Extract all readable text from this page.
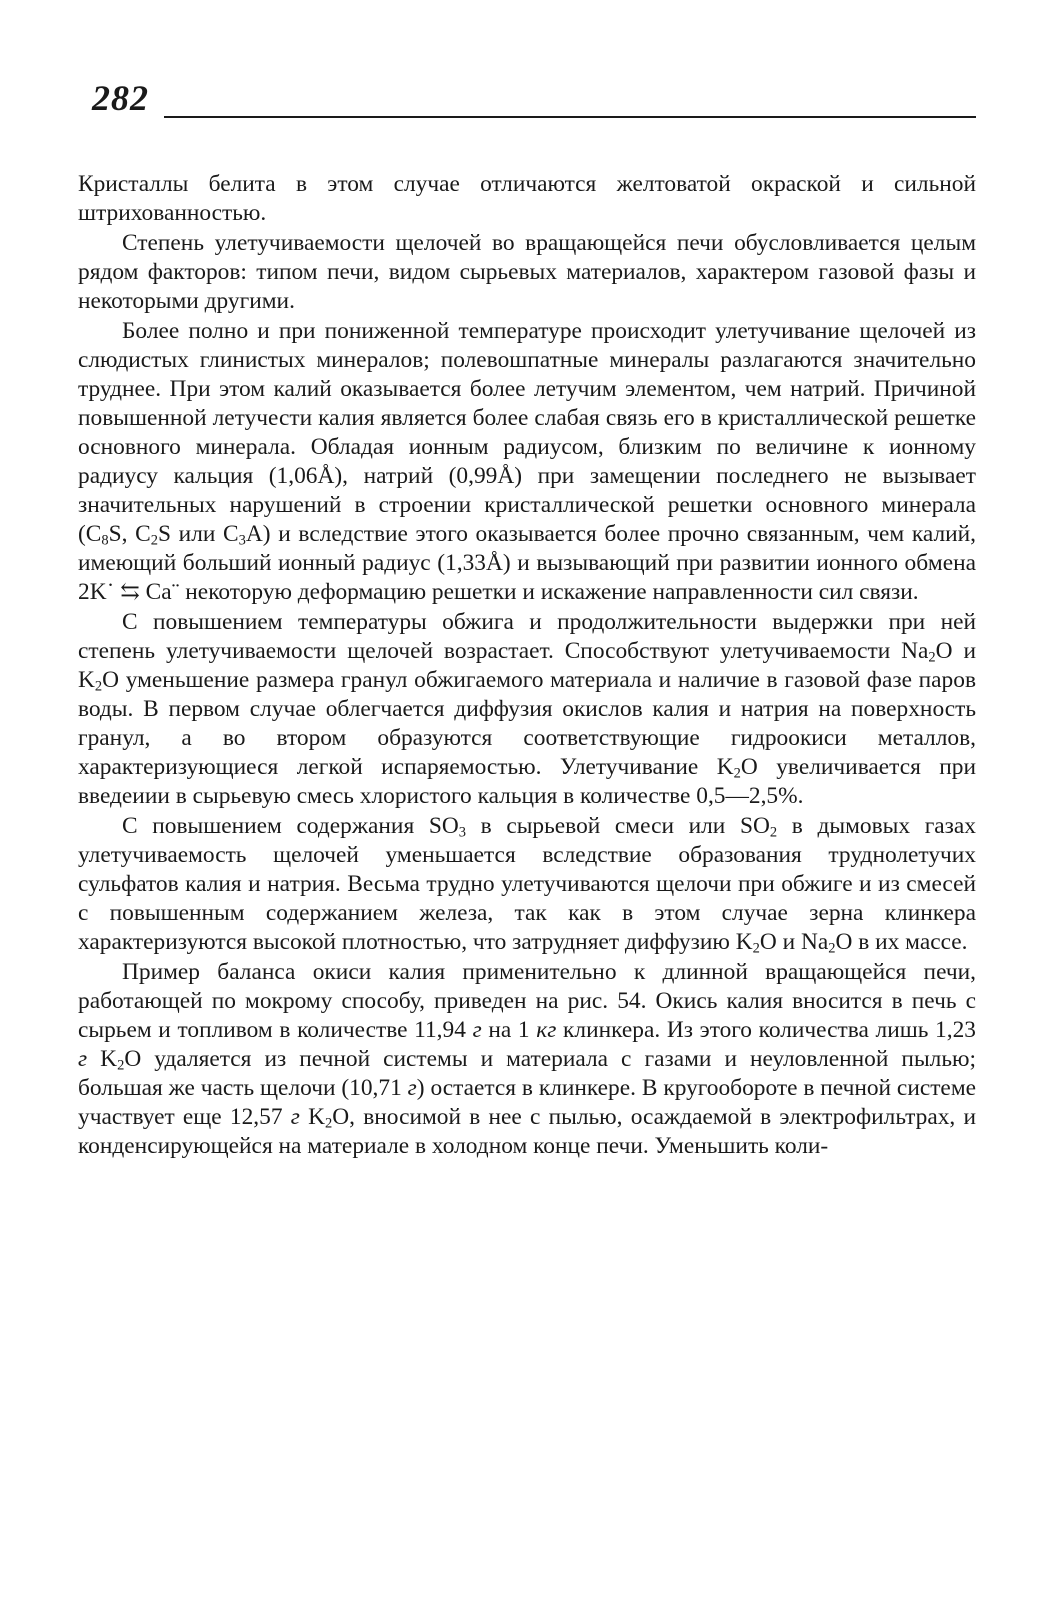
282

Кристаллы белита в этом случае отличаются желтоватой окраской и сильной штрихованностью.

Степень улетучиваемости щелочей во вращающейся печи обусловливается целым рядом факторов: типом печи, видом сырьевых материалов, характером газовой фазы и некоторыми другими.

Более полно и при пониженной температуре происходит улетучивание щелочей из слюдистых глинистых минералов; полевошпатные минералы разлагаются значительно труднее. При этом калий оказывается более летучим элементом, чем натрий. Причиной повышенной летучести калия является более слабая связь его в кристаллической решетке основного минерала. Обладая ионным радиусом, близким по величине к ионному радиусу кальция (1,06Å), натрий (0,99Å) при замещении последнего не вызывает значительных нарушений в строении кристаллической решетки основного минерала ($C_8S$, $C_2S$ или $C_3A$) и вследствие этого оказывается более прочно связанным, чем калий, имеющий больший ионный радиус (1,33Å) и вызывающий при развитии ионного обмена 2K˙ ⇆ Ca¨ некоторую деформацию решетки и искажение направленности сил связи.

С повышением температуры обжига и продолжительности выдержки при ней степень улетучиваемости щелочей возрастает. Способствуют улетучиваемости $Na_2O$ и $K_2O$ уменьшение размера гранул обжигаемого материала и наличие в газовой фазе паров воды. В первом случае облегчается диффузия окислов калия и натрия на поверхность гранул, а во втором образуются соответствующие гидроокиси металлов, характеризующиеся легкой испаряемостью. Улетучивание $K_2O$ увеличивается при введеиии в сырьевую смесь хлористого кальция в количестве 0,5—2,5%.

С повышением содержания $SO_3$ в сырьевой смеси или $SO_2$ в дымовых газах улетучиваемость щелочей уменьшается вследствие образования труднолетучих сульфатов калия и натрия. Весьма трудно улетучиваются щелочи при обжиге и из смесей с повышенным содержанием железа, так как в этом случае зерна клинкера характеризуются высокой плотностью, что затрудняет диффузию $K_2O$ и $Na_2O$ в их массе.

Пример баланса окиси калия применительно к длинной вращающейся печи, работающей по мокрому способу, приведен на рис. 54. Окись калия вносится в печь с сырьем и топливом в количестве 11,94 г на 1 кг клинкера. Из этого количества лишь 1,23 г $K_2O$ удаляется из печной системы и материала с газами и неуловленной пылью; большая же часть щелочи (10,71 г) остается в клинкере. В кругообороте в печной системе участвует еще 12,57 г $K_2O$, вносимой в нее с пылью, осаждаемой в электрофильтрах, и конденсирующейся на материале в холодном конце печи. Уменьшить коли-
